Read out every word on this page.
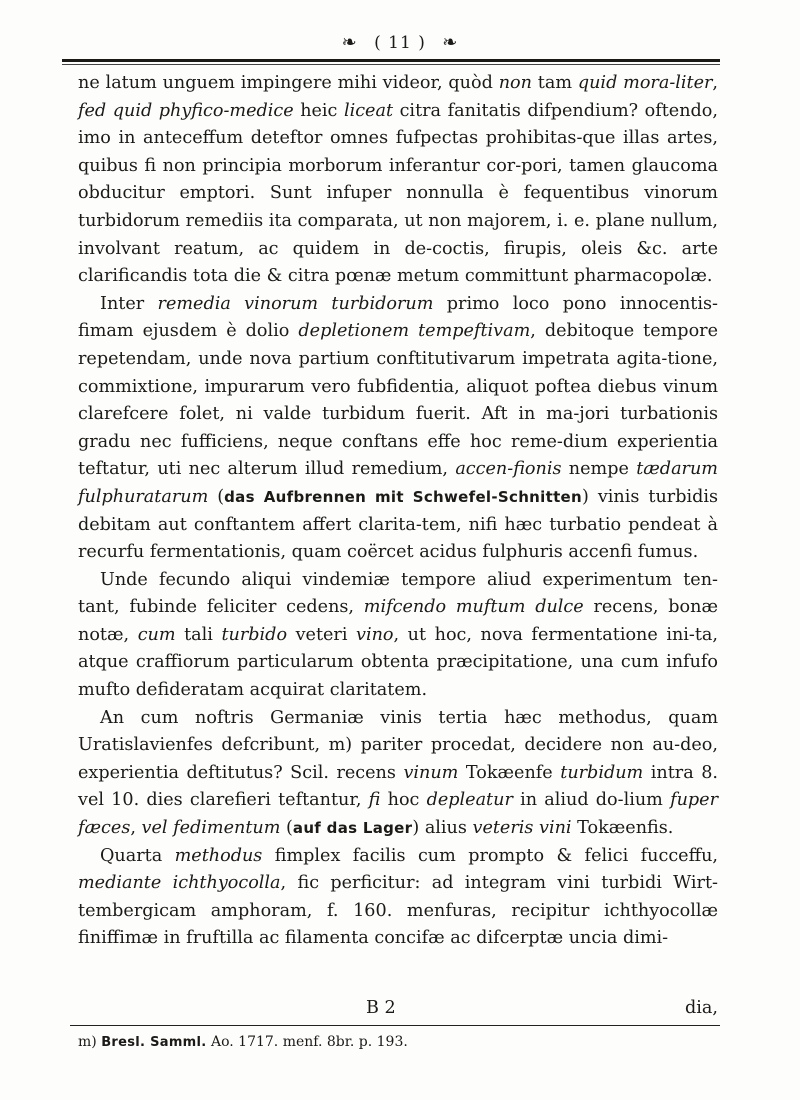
❧ ( 11 ) ❧

ne latum unguem impingere mihi videor, quòd non tam quid mora-liter, fed quid phyfico-medice heic liceat citra fanitatis difpendium? oftendo, imo in anteceffum deteftor omnes fufpectas prohibitas-que illas artes, quibus fi non principia morborum inferantur cor-pori, tamen glaucoma obducitur emptori. Sunt infuper nonnulla è fequentibus vinorum turbidorum remediis ita comparata, ut non majorem, i. e. plane nullum, involvant reatum, ac quidem in de-coctis, firupis, oleis &c. arte clarificandis tota die & citra pœnæ metum committunt pharmacopolæ.

Inter remedia vinorum turbidorum primo loco pono innocentis-fimam ejusdem è dolio depletionem tempeftivam, debitoque tempore repetendam, unde nova partium conftitutivarum impetrata agita-tione, commixtione, impurarum vero fubfidentia, aliquot poftea diebus vinum clarefcere folet, ni valde turbidum fuerit. Aft in ma-jori turbationis gradu nec fufficiens, neque conftans effe hoc reme-dium experientia teftatur, uti nec alterum illud remedium, accen-fionis nempe tædarum fulphuratarum (das Aufbrennen mit Schwefel-Schnitten) vinis turbidis debitam aut conftantem affert clarita-tem, nifi hæc turbatio pendeat à recurfu fermentationis, quam coërcet acidus fulphuris accenfi fumus.

Unde fecundo aliqui vindemiæ tempore aliud experimentum ten-tant, fubinde feliciter cedens, mifcendo muftum dulce recens, bonæ notæ, cum tali turbido veteri vino, ut hoc, nova fermentatione ini-ta, atque craffiorum particularum obtenta præcipitatione, una cum infufo mufto defideratam acquirat claritatem.

An cum noftris Germaniæ vinis tertia hæc methodus, quam Uratislavienfes defcribunt, m) pariter procedat, decidere non au-deo, experientia deftitutus? Scil. recens vinum Tokæenfe turbidum intra 8. vel 10. dies clarefieri teftantur, fi hoc depleatur in aliud do-lium fuper fæces, vel fedimentum (auf das Lager) alius veteris vini Tokæenfis.

Quarta methodus fimplex facilis cum prompto & felici fucceffu, mediante ichthyocolla, fic perficitur: ad integram vini turbidi Wirt-tembergicam amphoram, f. 160. menfuras, recipitur ichthyocollæ finiffimæ in fruftilla ac filamenta concifæ ac difcerptæ uncia dimi-

B 2	dia,
m) Bresl. Samml. Ao. 1717. menf. 8br. p. 193.
